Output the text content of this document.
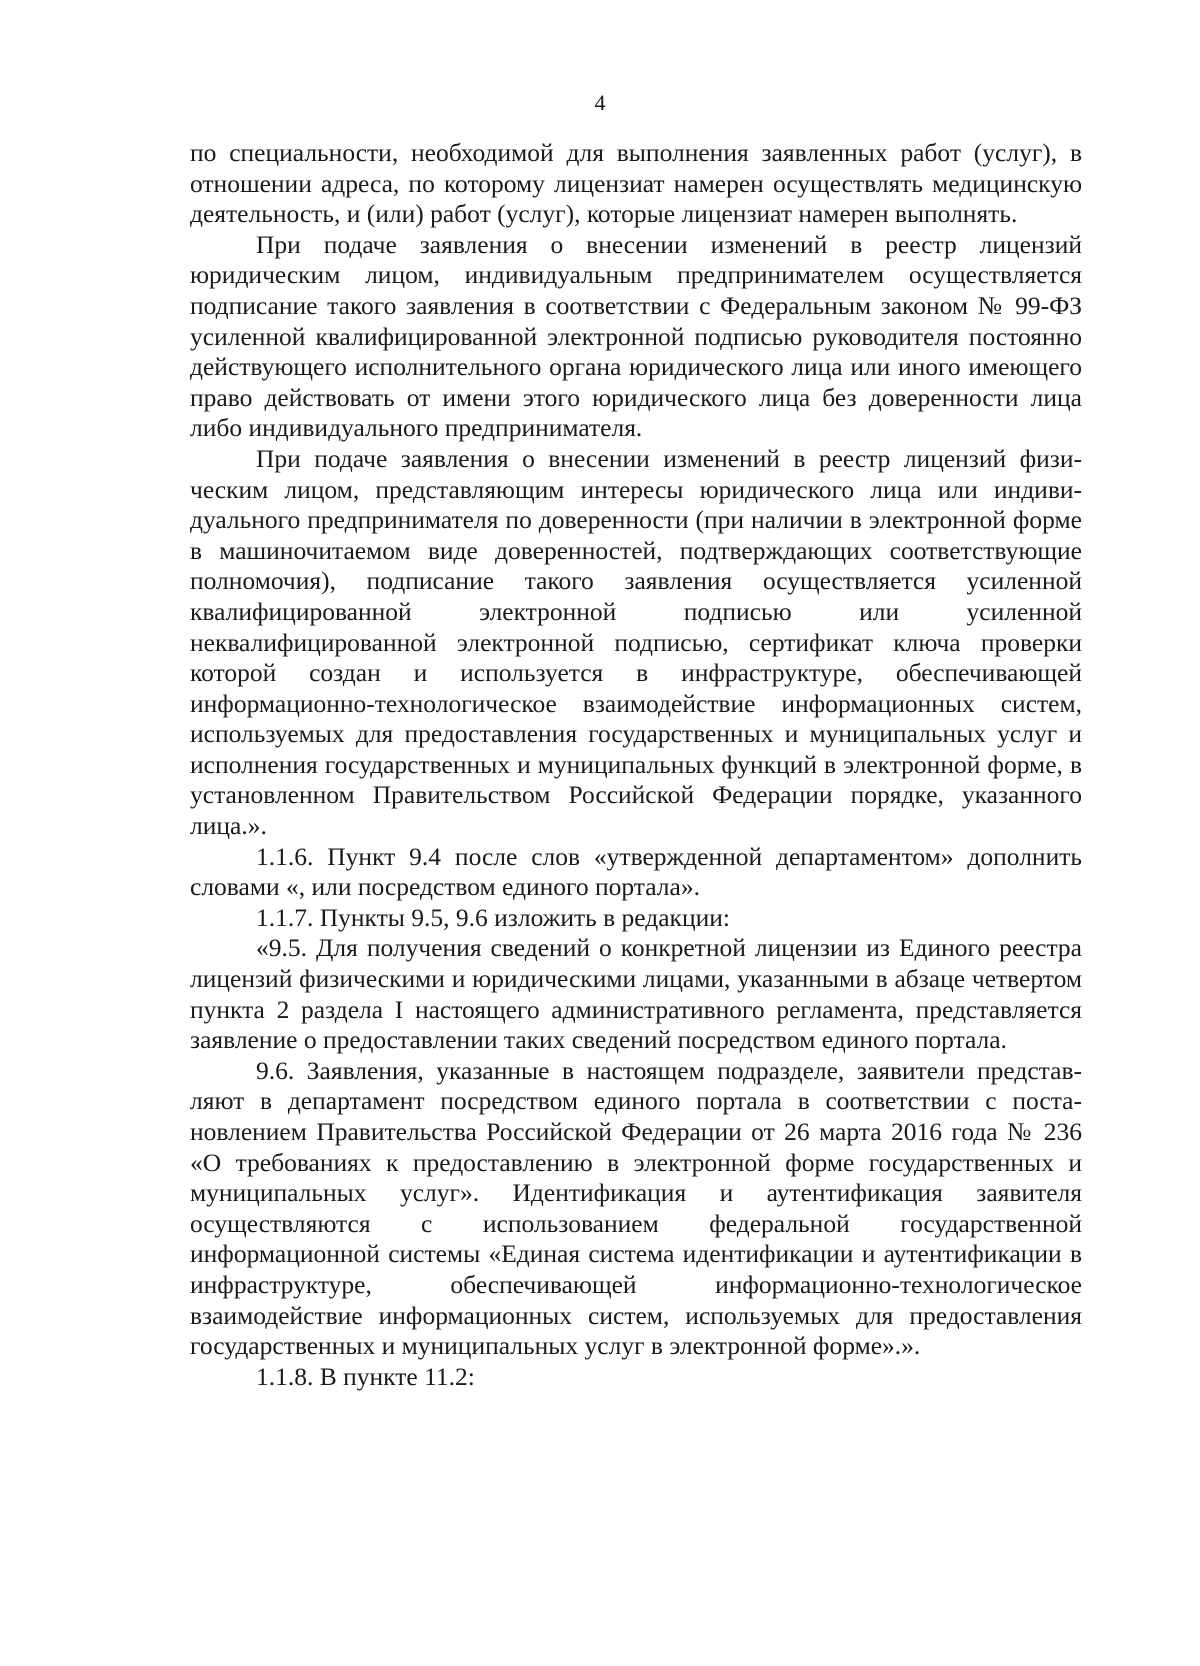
4

по специальности, необходимой для выполнения заявленных работ (услуг), в отношении адреса, по которому лицензиат намерен осуществлять медицинскую деятельность, и (или) работ (услуг), которые лицензиат намерен выполнять.

При подаче заявления о внесении изменений в реестр лицензий юридическим лицом, индивидуальным предпринимателем осуществляется подписание такого заявления в соответствии с Федеральным законом № 99-ФЗ усиленной квалифицированной электронной подписью руководителя постоянно действующего исполнительного органа юридического лица или иного имеющего право действовать от имени этого юридического лица без доверенности лица либо индивидуального предпринимателя.

При подаче заявления о внесении изменений в реестр лицензий физическим лицом, представляющим интересы юридического лица или индивидуального предпринимателя по доверенности (при наличии в электронной форме в машиночитаемом виде доверенностей, подтверждающих соответствующие полномочия), подписание такого заявления осуществляется усиленной квалифицированной электронной подписью или усиленной неквалифицированной электронной подписью, сертификат ключа проверки которой создан и используется в инфраструктуре, обеспечивающей информационно-технологическое взаимодействие информационных систем, используемых для предоставления государственных и муниципальных услуг и исполнения государственных и муниципальных функций в электронной форме, в установленном Правительством Российской Федерации порядке, указанного лица.».

1.1.6. Пункт 9.4 после слов «утвержденной департаментом» дополнить словами «, или посредством единого портала».

1.1.7. Пункты 9.5, 9.6 изложить в редакции:

«9.5. Для получения сведений о конкретной лицензии из Единого реестра лицензий физическими и юридическими лицами, указанными в абзаце четвертом пункта 2 раздела I настоящего административного регламента, представляется заявление о предоставлении таких сведений посредством единого портала.

9.6. Заявления, указанные в настоящем подразделе, заявители представляют в департамент посредством единого портала в соответствии с постановлением Правительства Российской Федерации от 26 марта 2016 года № 236 «О требованиях к предоставлению в электронной форме государственных и муниципальных услуг». Идентификация и аутентификация заявителя осуществляются с использованием федеральной государственной информационной системы «Единая система идентификации и аутентификации в инфраструктуре, обеспечивающей информационно-технологическое взаимодействие информационных систем, используемых для предоставления государственных и муниципальных услуг в электронной форме».».

1.1.8. В пункте 11.2:
